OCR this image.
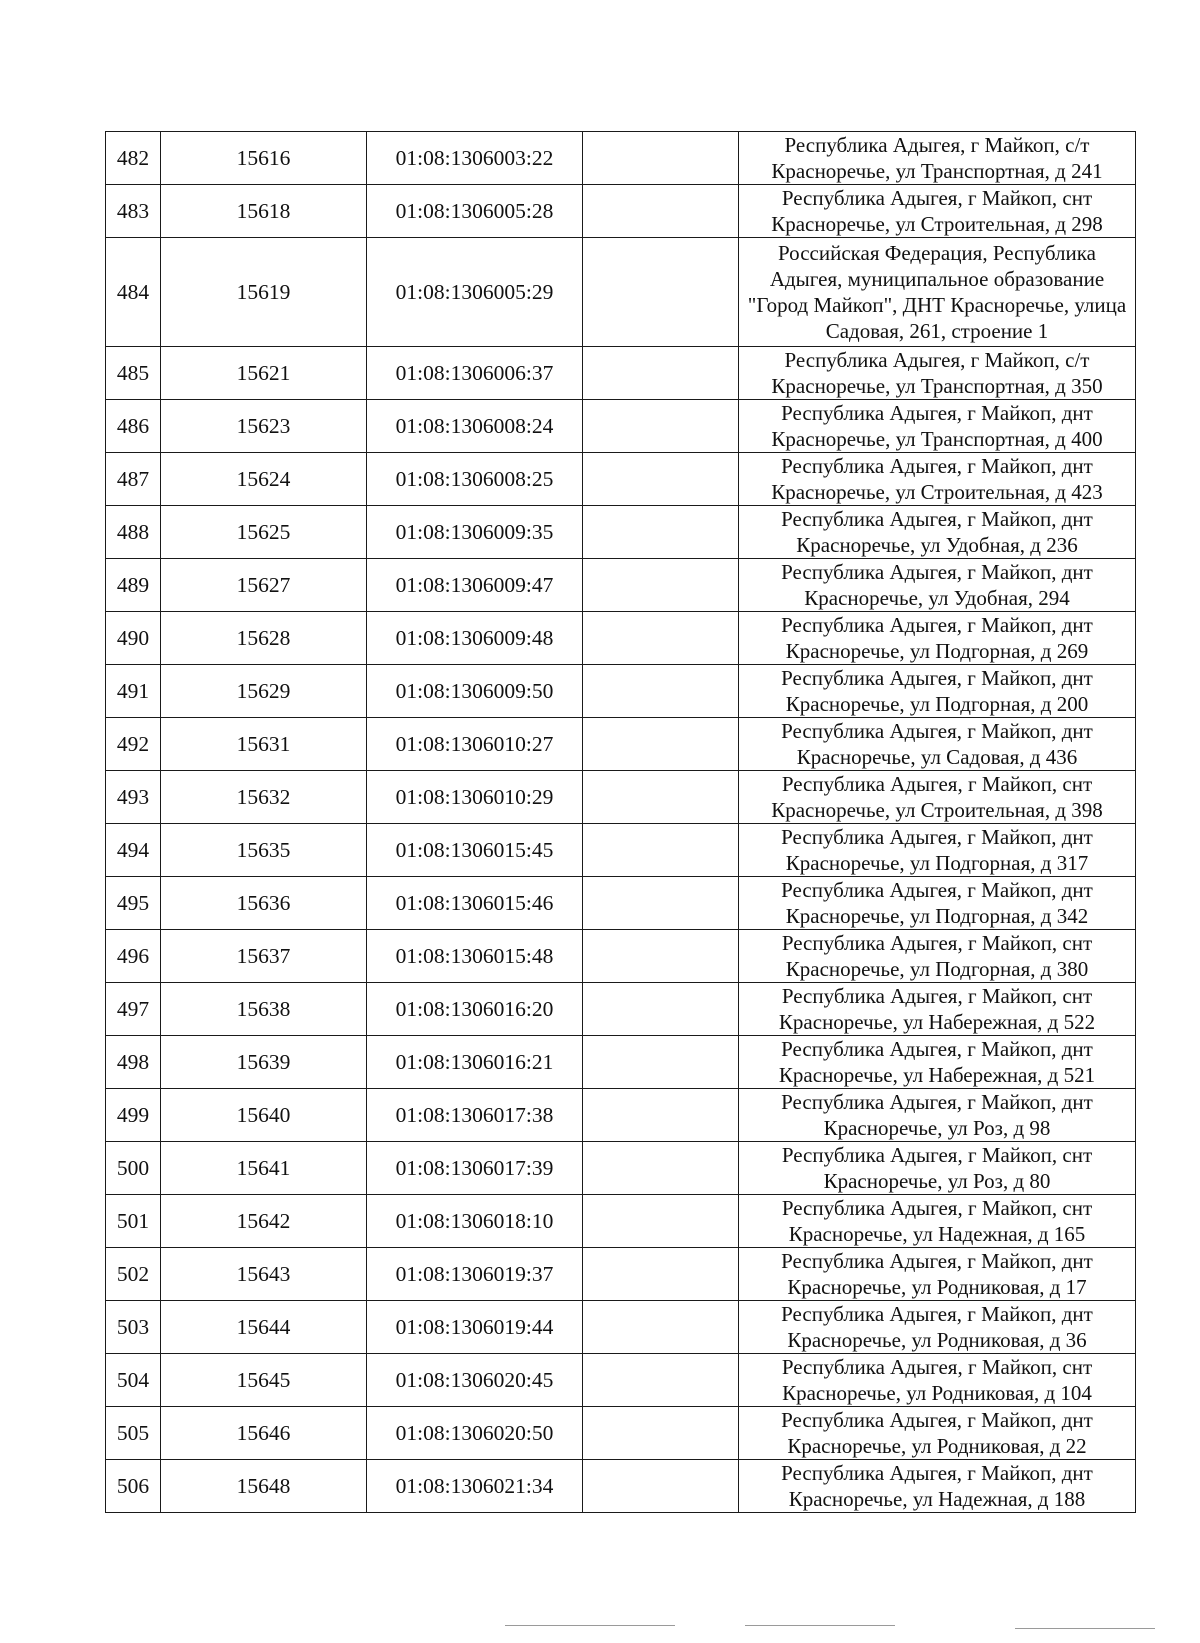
482	15616	01:08:1306003:22		Республика Адыгея, г Майкоп, с/т Красноречье, ул Транспортная, д 241
483	15618	01:08:1306005:28		Республика Адыгея, г Майкоп, снт Красноречье, ул Строительная, д 298
484	15619	01:08:1306005:29		Российская Федерация, Республика Адыгея, муниципальное образование "Город Майкоп", ДНТ Красноречье, улица Садовая, 261, строение 1
485	15621	01:08:1306006:37		Республика Адыгея, г Майкоп, с/т Красноречье, ул Транспортная, д 350
486	15623	01:08:1306008:24		Республика Адыгея, г Майкоп, днт Красноречье, ул Транспортная, д 400
487	15624	01:08:1306008:25		Республика Адыгея, г Майкоп, днт Красноречье, ул Строительная, д 423
488	15625	01:08:1306009:35		Республика Адыгея, г Майкоп, днт Красноречье, ул Удобная, д 236
489	15627	01:08:1306009:47		Республика Адыгея, г Майкоп, днт Красноречье, ул Удобная, 294
490	15628	01:08:1306009:48		Республика Адыгея, г Майкоп, днт Красноречье, ул Подгорная, д 269
491	15629	01:08:1306009:50		Республика Адыгея, г Майкоп, днт Красноречье, ул Подгорная, д 200
492	15631	01:08:1306010:27		Республика Адыгея, г Майкоп, днт Красноречье, ул Садовая, д 436
493	15632	01:08:1306010:29		Республика Адыгея, г Майкоп, снт Красноречье, ул Строительная, д 398
494	15635	01:08:1306015:45		Республика Адыгея, г Майкоп, днт Красноречье, ул Подгорная, д 317
495	15636	01:08:1306015:46		Республика Адыгея, г Майкоп, днт Красноречье, ул Подгорная, д 342
496	15637	01:08:1306015:48		Республика Адыгея, г Майкоп, снт Красноречье, ул Подгорная, д 380
497	15638	01:08:1306016:20		Республика Адыгея, г Майкоп, снт Красноречье, ул Набережная, д 522
498	15639	01:08:1306016:21		Республика Адыгея, г Майкоп, днт Красноречье, ул Набережная, д 521
499	15640	01:08:1306017:38		Республика Адыгея, г Майкоп, днт Красноречье, ул Роз, д 98
500	15641	01:08:1306017:39		Республика Адыгея, г Майкоп, снт Красноречье, ул Роз, д 80
501	15642	01:08:1306018:10		Республика Адыгея, г Майкоп, снт Красноречье, ул Надежная, д 165
502	15643	01:08:1306019:37		Республика Адыгея, г Майкоп, днт Красноречье, ул Родниковая, д 17
503	15644	01:08:1306019:44		Республика Адыгея, г Майкоп, днт Красноречье, ул Родниковая, д 36
504	15645	01:08:1306020:45		Республика Адыгея, г Майкоп, снт Красноречье, ул Родниковая, д 104
505	15646	01:08:1306020:50		Республика Адыгея, г Майкоп, днт Красноречье, ул Родниковая, д 22
506	15648	01:08:1306021:34		Республика Адыгея, г Майкоп, днт Красноречье, ул Надежная, д 188
